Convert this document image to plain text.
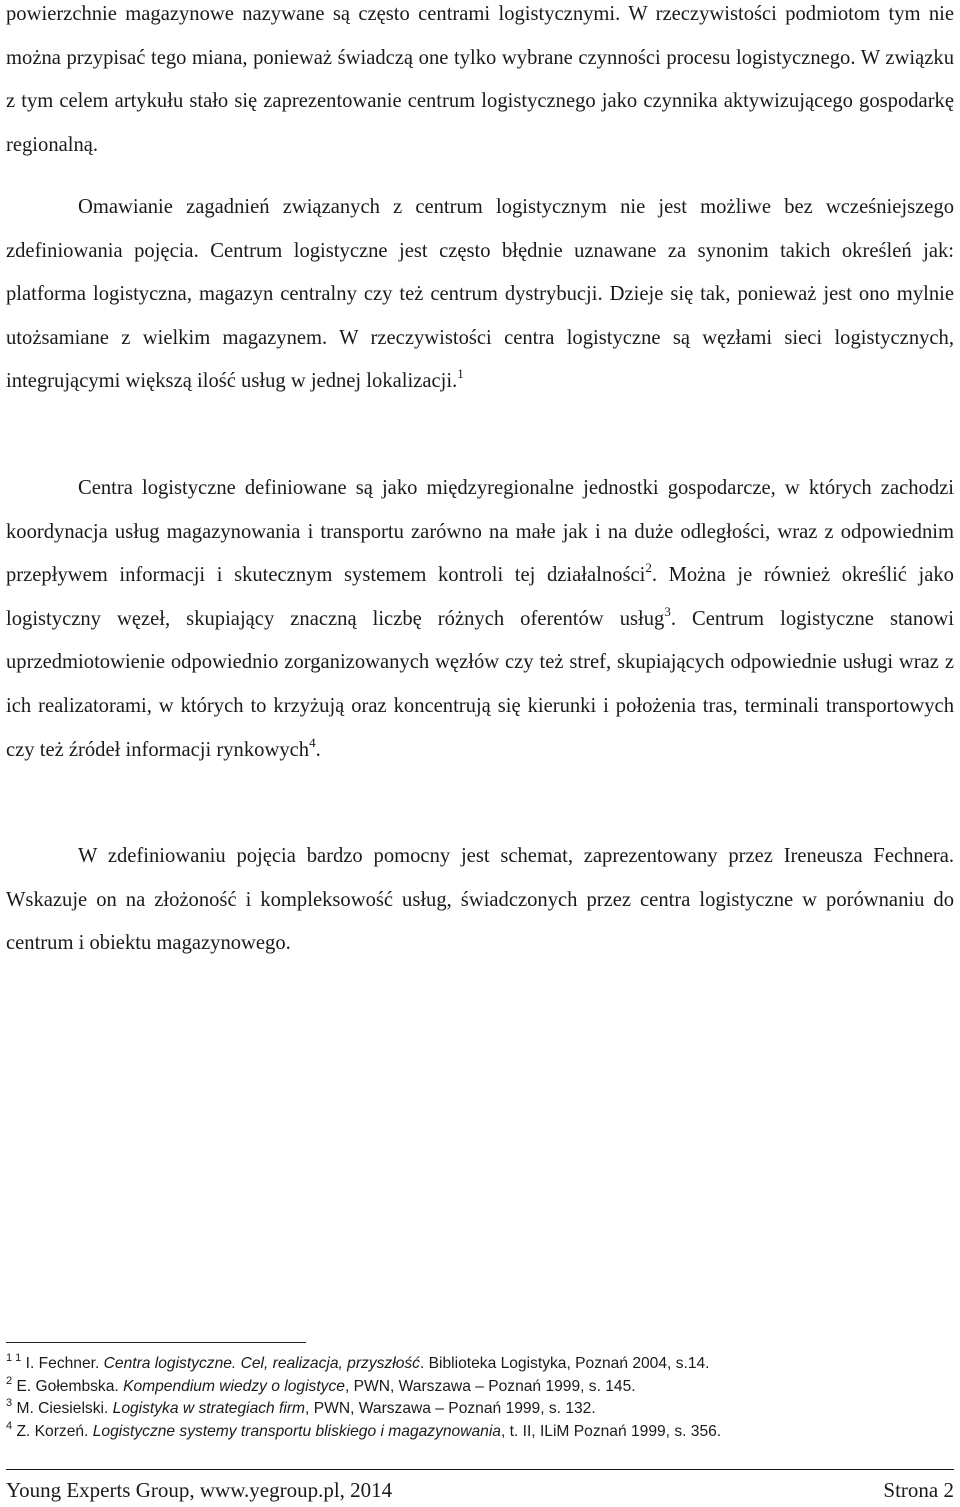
powierzchnie magazynowe nazywane są często centrami logistycznymi. W rzeczywistości podmiotom tym nie można przypisać tego miana, ponieważ świadczą one tylko wybrane czynności procesu logistycznego. W związku z tym celem artykułu stało się zaprezentowanie centrum logistycznego jako czynnika aktywizującego gospodarkę regionalną.

Omawianie zagadnień związanych z centrum logistycznym nie jest możliwe bez wcześniejszego zdefiniowania pojęcia. Centrum logistyczne jest często błędnie uznawane za synonim takich określeń jak: platforma logistyczna, magazyn centralny czy też centrum dystrybucji. Dzieje się tak, ponieważ jest ono mylnie utożsamiane z wielkim magazynem. W rzeczywistości centra logistyczne są węzłami sieci logistycznych, integrującymi większą ilość usług w jednej lokalizacji.$^1$

Centra logistyczne definiowane są jako międzyregionalne jednostki gospodarcze, w których zachodzi koordynacja usług magazynowania i transportu zarówno na małe jak i na duże odległości, wraz z odpowiednim przepływem informacji i skutecznym systemem kontroli tej działalności$^2$. Można je również określić jako logistyczny węzeł, skupiający znaczną liczbę różnych oferentów usług$^3$. Centrum logistyczne stanowi uprzedmiotowienie odpowiednio zorganizowanych węzłów czy też stref, skupiających odpowiednie usługi wraz z ich realizatorami, w których to krzyżują oraz koncentrują się kierunki i położenia tras, terminali transportowych czy też źródeł informacji rynkowych$^4$.

W zdefiniowaniu pojęcia bardzo pomocny jest schemat, zaprezentowany przez Ireneusza Fechnera. Wskazuje on na złożoność i kompleksowość usług, świadczonych przez centra logistyczne w porównaniu do centrum i obiektu magazynowego.

$^{1 1}$ I. Fechner. Centra logistyczne. Cel, realizacja, przyszłość. Biblioteka Logistyka, Poznań 2004, s.14.

$^2$ E. Gołembska. Kompendium wiedzy o logistyce, PWN, Warszawa – Poznań 1999, s. 145.

$^3$ M. Ciesielski. Logistyka w strategiach firm, PWN, Warszawa – Poznań 1999, s. 132.

$^4$ Z. Korzeń. Logistyczne systemy transportu bliskiego i magazynowania, t. II, ILiM Poznań 1999, s. 356.

Young Experts Group, www.yegroup.pl, 2014	Strona 2
